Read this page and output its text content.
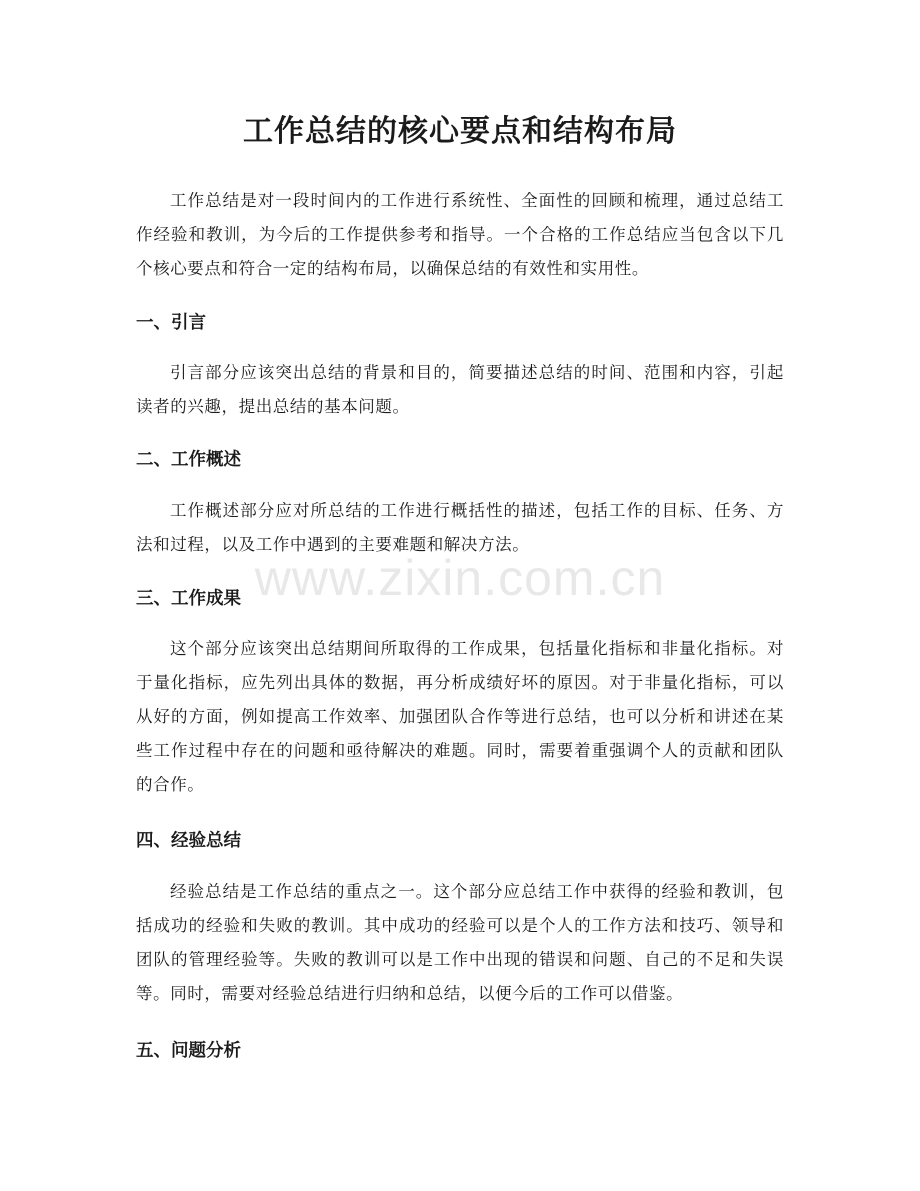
工作总结的核心要点和结构布局

工作总结是对一段时间内的工作进行系统性、全面性的回顾和梳理，通过总结工作经验和教训，为今后的工作提供参考和指导。一个合格的工作总结应当包含以下几个核心要点和符合一定的结构布局，以确保总结的有效性和实用性。

一、引言

引言部分应该突出总结的背景和目的，简要描述总结的时间、范围和内容，引起读者的兴趣，提出总结的基本问题。

二、工作概述

工作概述部分应对所总结的工作进行概括性的描述，包括工作的目标、任务、方法和过程，以及工作中遇到的主要难题和解决方法。

三、工作成果

这个部分应该突出总结期间所取得的工作成果，包括量化指标和非量化指标。对于量化指标，应先列出具体的数据，再分析成绩好坏的原因。对于非量化指标，可以从好的方面，例如提高工作效率、加强团队合作等进行总结，也可以分析和讲述在某些工作过程中存在的问题和亟待解决的难题。同时，需要着重强调个人的贡献和团队的合作。

四、经验总结

经验总结是工作总结的重点之一。这个部分应总结工作中获得的经验和教训，包括成功的经验和失败的教训。其中成功的经验可以是个人的工作方法和技巧、领导和团队的管理经验等。失败的教训可以是工作中出现的错误和问题、自己的不足和失误等。同时，需要对经验总结进行归纳和总结，以便今后的工作可以借鉴。

五、问题分析
www.zixin.com.cn
